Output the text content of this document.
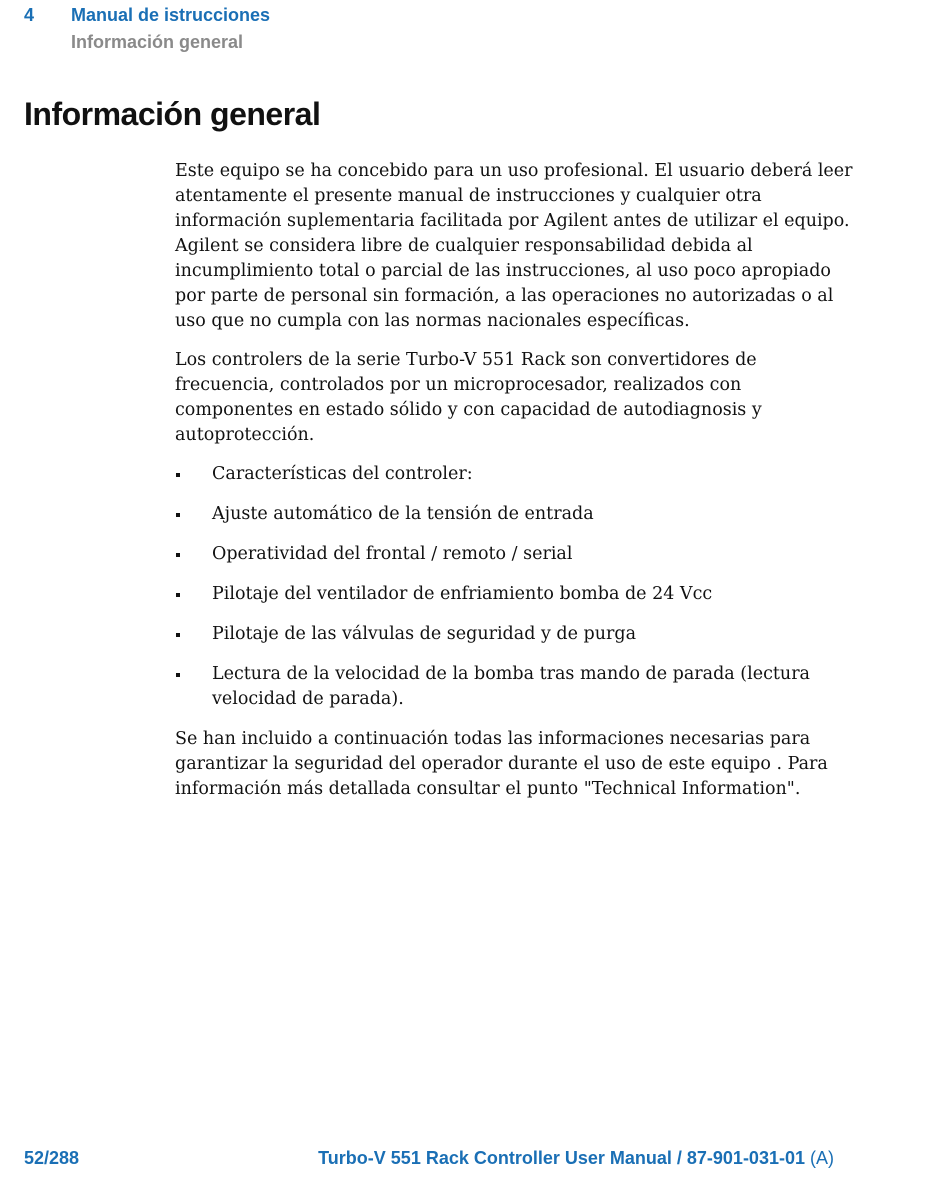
4	Manual de istrucciones
Información general
Información general

Este equipo se ha concebido para un uso profesional. El usuario deberá leer atentamente el presente manual de instrucciones y cualquier otra información suplementaria facilitada por Agilent antes de utilizar el equipo. Agilent se considera libre de cualquier responsabilidad debida al incumplimiento total o parcial de las instrucciones, al uso poco apropiado por parte de personal sin formación, a las operaciones no autorizadas o al uso que no cumpla con las normas nacionales específicas.

Los controlers de la serie Turbo-V 551 Rack son convertidores de frecuencia, controlados por un microprocesador, realizados con componentes en estado sólido y con capacidad de autodiagnosis y autoprotección.

Características del controler:
Ajuste automático de la tensión de entrada
Operatividad del frontal / remoto / serial
Pilotaje del ventilador de enfriamiento bomba de 24 Vcc
Pilotaje de las válvulas de seguridad y de purga
Lectura de la velocidad de la bomba tras mando de parada (lectura velocidad de parada).

Se han incluido a continuación todas las informaciones necesarias para garantizar la seguridad del operador durante el uso de este equipo . Para información más detallada consultar el punto "Technical Information".

52/288	Turbo-V 551 Rack Controller User Manual / 87-901-031-01 (A)
